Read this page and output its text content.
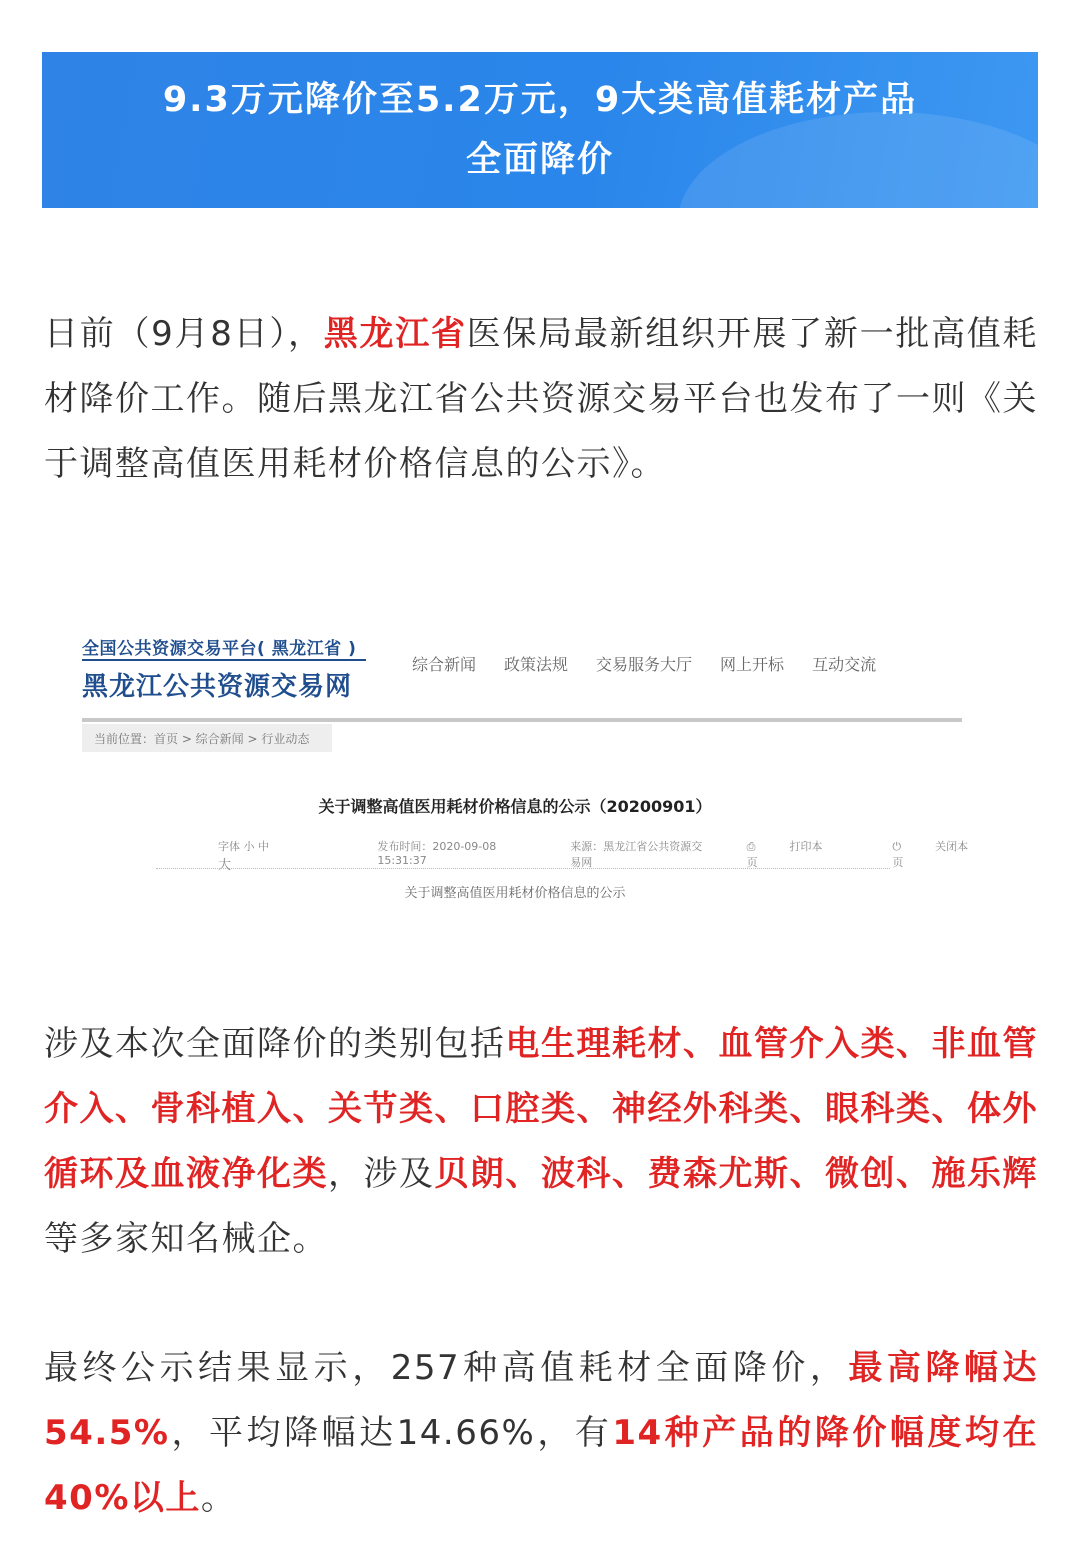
9.3万元降价至5.2万元，9大类高值耗材产品
全面降价

日前（9月8日），黑龙江省医保局最新组织开展了新一批高值耗材降价工作。随后黑龙江省公共资源交易平台也发布了一则《关于调整高值医用耗材价格信息的公示》。

全国公共资源交易平台( 黑龙江省 )
黑龙江公共资源交易网
综合新闻 政策法规 交易服务大厅 网上开标 互动交流
当前位置：首页 > 综合新闻 > 行业动态
关于调整高值医用耗材价格信息的公示（20200901）
字体 小 中 大
发布时间：2020-09-08 15:31:37
来源：黑龙江省公共资源交易网
⎙	打印本页
⏻	关闭本页
关于调整高值医用耗材价格信息的公示

涉及本次全面降价的类别包括电生理耗材、血管介入类、非血管介入、骨科植入、关节类、口腔类、神经外科类、眼科类、体外循环及血液净化类，涉及贝朗、波科、费森尤斯、微创、施乐辉等多家知名械企。

最终公示结果显示，257种高值耗材全面降价，最高降幅达54.5%，平均降幅达14.66%，有14种产品的降价幅度均在40%以上。
